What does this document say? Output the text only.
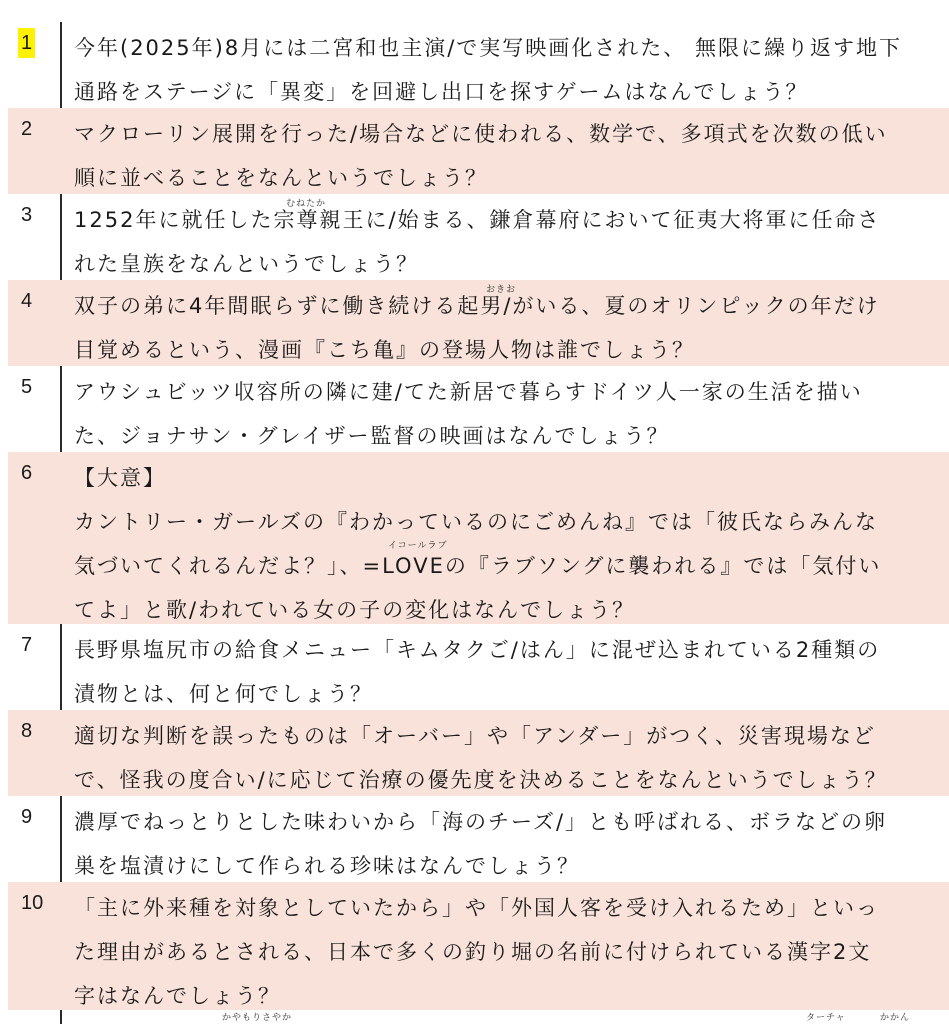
1 今年(2025年)8月には二宮和也主演/で実写映画化された、 無限に繰り返す地下
通路をステージに「異変」を回避し出口を探すゲームはなんでしょう？
2 マクローリン展開を行った/場合などに使われる、数学で、多項式を次数の低い
順に並べることをなんというでしょう？
3	むねたか
1252年に就任した宗尊親王に/始まる、鎌倉幕府において征夷大将軍に任命さ
れた皇族をなんというでしょう？
4	おきお
双子の弟に4年間眠らずに働き続ける起男/がいる、夏のオリンピックの年だけ
目覚めるという、漫画『こち亀』の登場人物は誰でしょう？
5 アウシュビッツ収容所の隣に建/てた新居で暮らすドイツ人一家の生活を描い
た、ジョナサン・グレイザー監督の映画はなんでしょう？
6
イコールラブ
【大意】
カントリー・ガールズの『わかっているのにごめんね』では「彼氏ならみんな
気づいてくれるんだよ？」、=LOVEの『ラブソングに襲われる』では「気付い
てよ」と歌/われている女の子の変化はなんでしょう？
7 長野県塩尻市の給食メニュー「キムタクご/はん」に混ぜ込まれている2種類の
漬物とは、何と何でしょう？
8 適切な判断を誤ったものは「オーバー」や「アンダー」がつく、災害現場など
で、怪我の度合い/に応じて治療の優先度を決めることをなんというでしょう？
9 濃厚でねっとりとした味わいから「海のチーズ/」とも呼ばれる、ボラなどの卵
巣を塩漬けにして作られる珍味はなんでしょう？
10 「主に外来種を対象としていたから」や「外国人客を受け入れるため」といっ
た理由があるとされる、日本で多くの釣り堀の名前に付けられている漢字2文
字はなんでしょう？
かやもりさやか	ターチャ	かかん
